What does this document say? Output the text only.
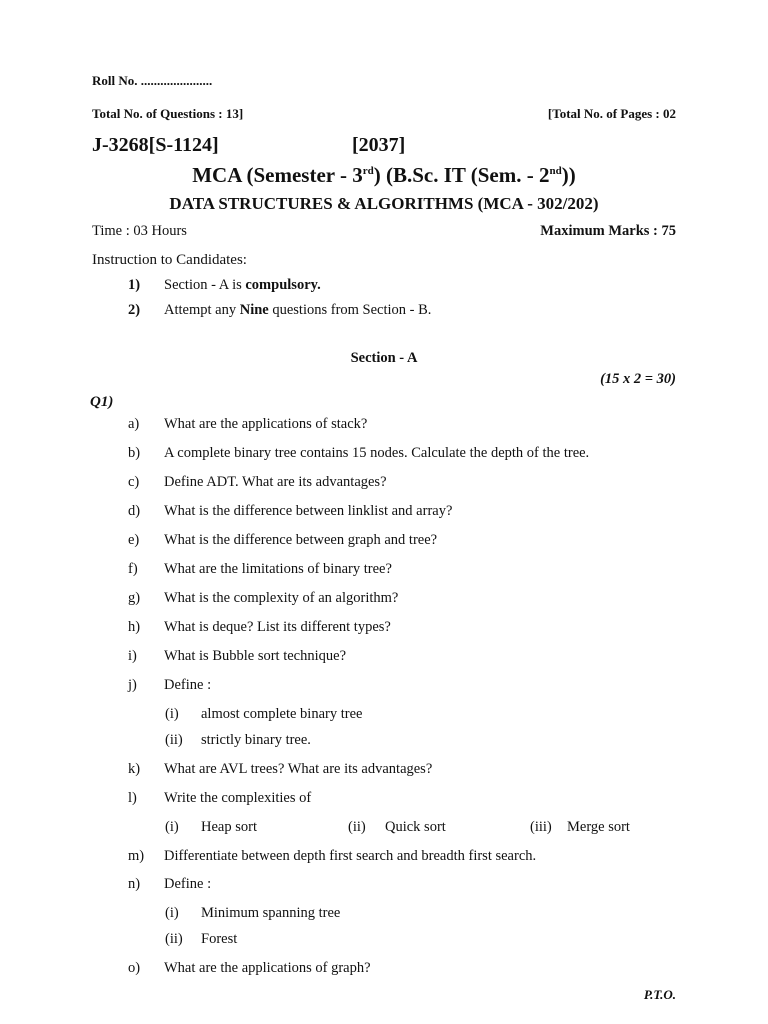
Roll No. ......................
Total No. of Questions : 13]	[Total No. of Pages : 02
J-3268[S-1124]	[2037]
MCA (Semester - 3rd) (B.Sc. IT (Sem. - 2nd))
DATA STRUCTURES & ALGORITHMS (MCA - 302/202)
Time : 03 Hours	Maximum Marks : 75
Instruction to Candidates:
1) Section - A is compulsory.
2) Attempt any Nine questions from Section - B.
Section - A
(15 x 2 = 30)
Q1)
a) What are the applications of stack?
b) A complete binary tree contains 15 nodes. Calculate the depth of the tree.
c) Define ADT. What are its advantages?
d) What is the difference between linklist and array?
e) What is the difference between graph and tree?
f) What are the limitations of binary tree?
g) What is the complexity of an algorithm?
h) What is deque? List its different types?
i) What is Bubble sort technique?
j) Define :
(i) almost complete binary tree
(ii) strictly binary tree.
k) What are AVL trees? What are its advantages?
l) Write the complexities of
(i) Heap sort	(ii) Quick sort	(iii) Merge sort
m) Differentiate between depth first search and breadth first search.
n) Define :
(i) Minimum spanning tree
(ii) Forest
o) What are the applications of graph?
P.T.O.
